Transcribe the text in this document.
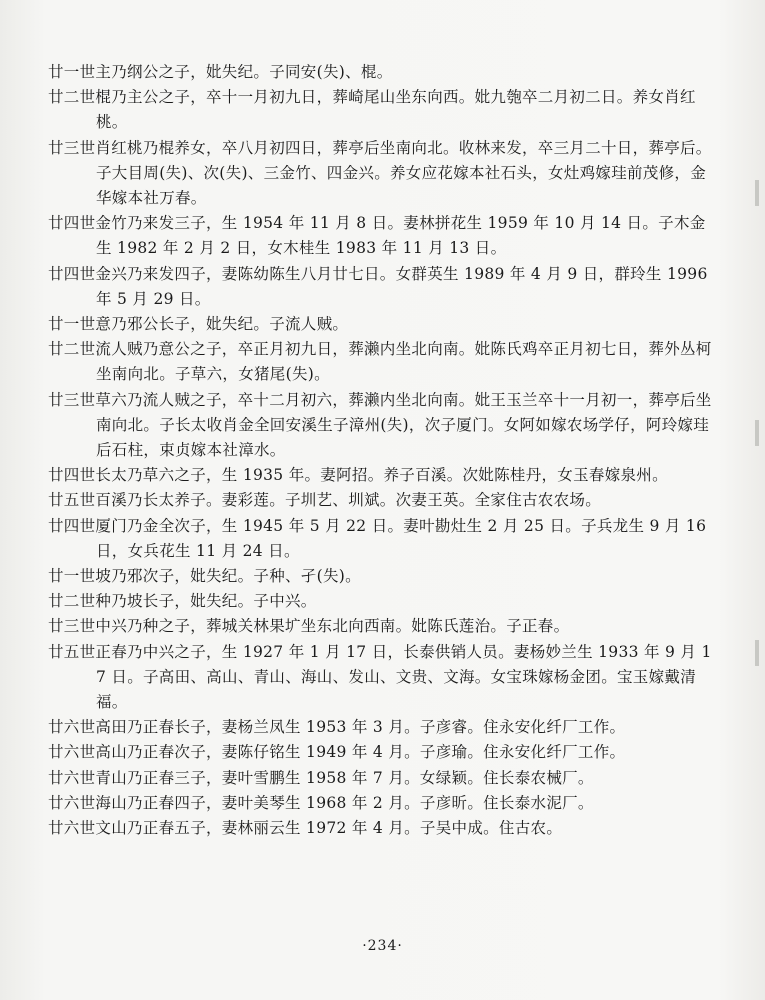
廿一世主乃纲公之子，妣失纪。子同安(失)、棍。
廿二世棍乃主公之子，卒十一月初九日，葬崎尾山坐东向西。妣九匏卒二月初二日。养女肖红桃。
廿三世肖红桃乃棍养女，卒八月初四日，葬亭后坐南向北。收林来发，卒三月二十日，葬亭后。子大目周(失)、次(失)、三金竹、四金兴。养女应花嫁本社石头，女灶鸡嫁珪前茂修，金华嫁本社万春。
廿四世金竹乃来发三子，生 1954 年 11 月 8 日。妻林拼花生 1959 年 10 月 14 日。子木金生 1982 年 2 月 2 日，女木桂生 1983 年 11 月 13 日。
廿四世金兴乃来发四子，妻陈幼陈生八月廿七日。女群英生 1989 年 4 月 9 日，群玲生 1996 年 5 月 29 日。
廿一世意乃邪公长子，妣失纪。子流人贼。
廿二世流人贼乃意公之子，卒正月初九日，葬濑内坐北向南。妣陈氏鸡卒正月初七日，葬外丛柯坐南向北。子草六，女猪尾(失)。
廿三世草六乃流人贼之子，卒十二月初六，葬濑内坐北向南。妣王玉兰卒十一月初一，葬亭后坐南向北。子长太收肖金全回安溪生子漳州(失)，次子厦门。女阿如嫁农场学仔，阿玲嫁珪后石柱，束贞嫁本社漳水。
廿四世长太乃草六之子，生 1935 年。妻阿招。养子百溪。次妣陈桂丹，女玉春嫁泉州。
廿五世百溪乃长太养子。妻彩莲。子圳艺、圳斌。次妻王英。全家住古农农场。
廿四世厦门乃金全次子，生 1945 年 5 月 22 日。妻叶勘灶生 2 月 25 日。子兵龙生 9 月 16 日，女兵花生 11 月 24 日。
廿一世坡乃邪次子，妣失纪。子种、孑(失)。
廿二世种乃坡长子，妣失纪。子中兴。
廿三世中兴乃种之子，葬城关林果圹坐东北向西南。妣陈氏莲治。子正春。
廿五世正春乃中兴之子，生 1927 年 1 月 17 日，长泰供销人员。妻杨妙兰生 1933 年 9 月 17 日。子高田、高山、青山、海山、发山、文贵、文海。女宝珠嫁杨金团。宝玉嫁戴清福。
廿六世高田乃正春长子，妻杨兰凤生 1953 年 3 月。子彦睿。住永安化纤厂工作。
廿六世高山乃正春次子，妻陈仔铭生 1949 年 4 月。子彦瑜。住永安化纤厂工作。
廿六世青山乃正春三子，妻叶雪鹏生 1958 年 7 月。女绿颖。住长泰农械厂。
廿六世海山乃正春四子，妻叶美琴生 1968 年 2 月。子彦昕。住长泰水泥厂。
廿六世文山乃正春五子，妻林丽云生 1972 年 4 月。子吴中成。住古农。
·234·
